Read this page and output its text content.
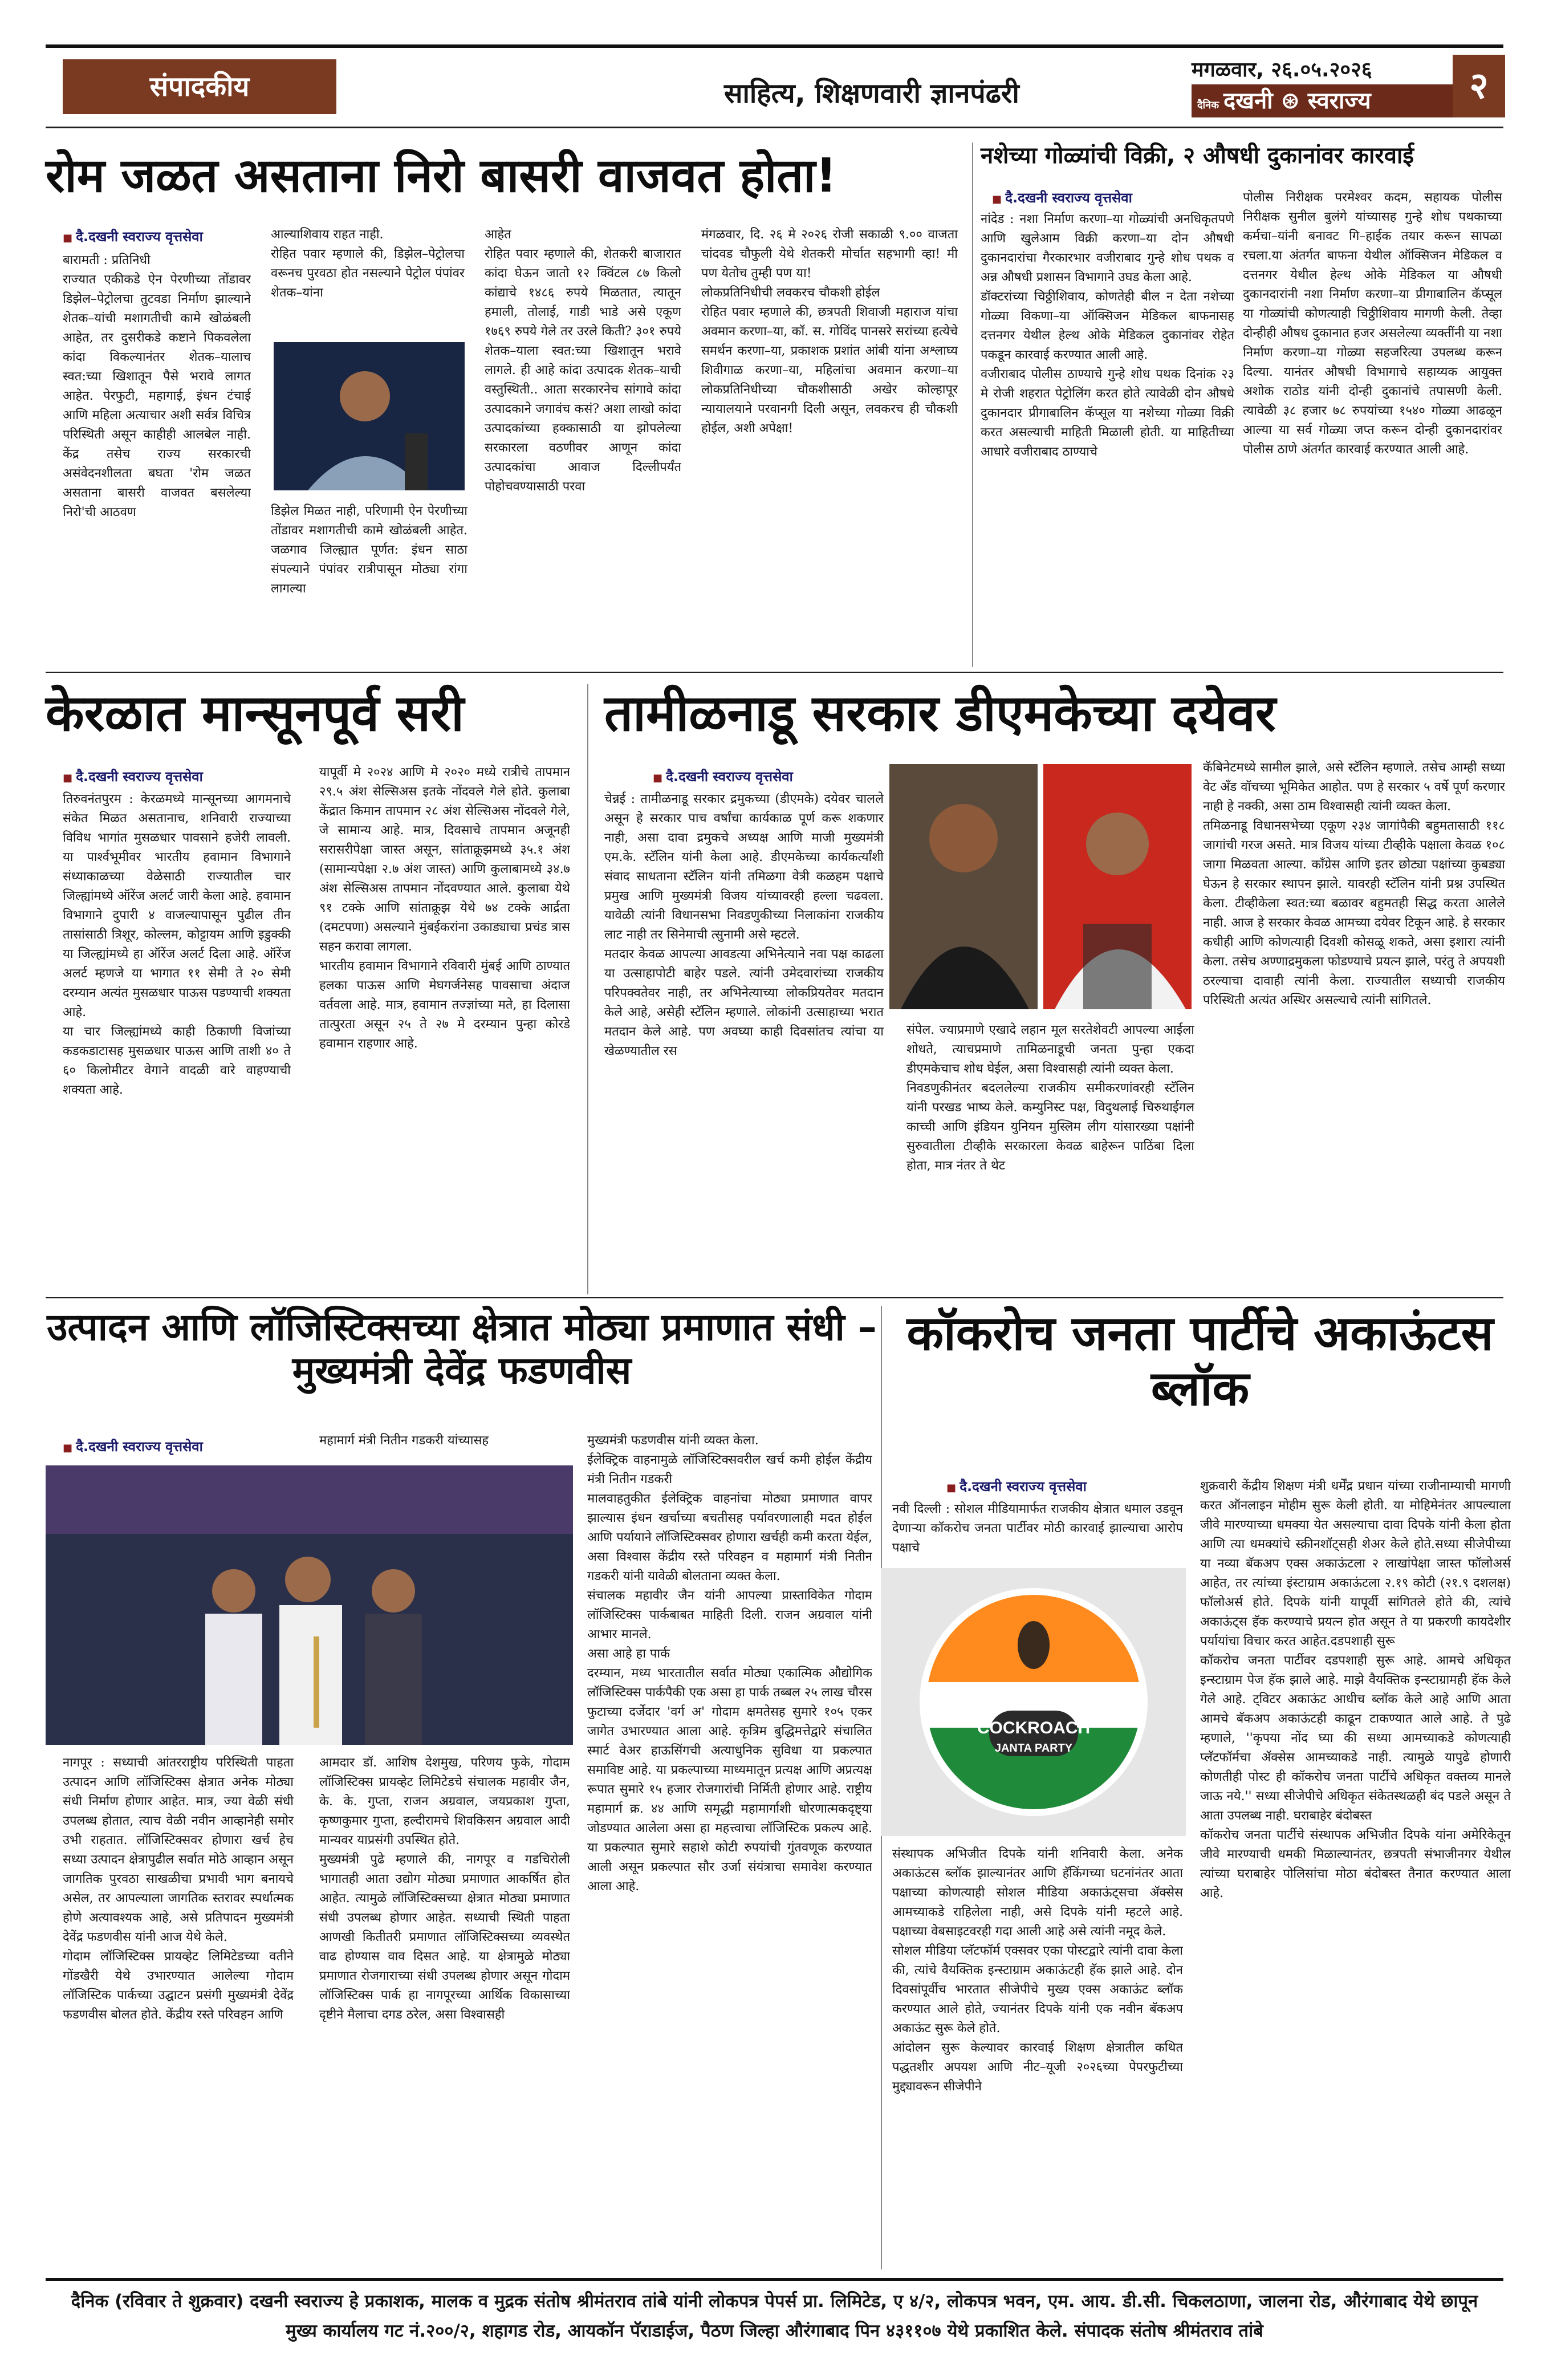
संपादकीय	साहित्य, शिक्षणवारी ज्ञानपंढरी
मगळवार, २६.०५.२०२६
दैनिक दखनी ⊛ स्वराज्य	२
रोम जळत असताना निरो बासरी वाजवत होता!
■ दै.दखनी स्वराज्य वृत्तसेवा
बारामती : प्रतिनिधी
राज्यात एकीकडे ऐन पेरणीच्या तोंडावर डिझेल–पेट्रोलचा तुटवडा निर्माण झाल्याने शेतक–यांची मशागतीची कामे खोळंबली आहेत, तर दुसरीकडे कष्टाने पिकवलेला कांदा विकल्यानंतर शेतक–यालाच स्वत:च्या खिशातून पैसे भरावे लागत आहेत. पेरफुटी, महागाई, इंधन टंचाई आणि महिला अत्याचार अशी सर्वत्र विचित्र परिस्थिती असून काहीही आलबेल नाही. केंद्र तसेच राज्य सरकारची असंवेदनशीलता बघता 'रोम जळत असताना बासरी वाजवत बसलेल्या निरो'ची आठवण
आल्याशिवाय राहत नाही.
रोहित पवार म्हणाले की, डिझेल–पेट्रोलचा वरूनच पुरवठा होत नसल्याने पेट्रोल पंपांवर शेतक–यांना
डिझेल मिळत नाही, परिणामी ऐन पेरणीच्या तोंडावर मशागतीची कामे खोळंबली आहेत. जळगाव जिल्ह्यात पूर्णत: इंधन साठा संपल्याने पंपांवर रात्रीपासून मोठ्या रांगा लागल्या
आहेत
रोहित पवार म्हणाले की, शेतकरी बाजारात कांदा घेऊन जातो १२ क्विंटल ८७ किलो कांद्याचे १४८६ रुपये मिळतात, त्यातून हमाली, तोलाई, गाडी भाडे असे एकूण १७६९ रुपये गेले तर उरले किती? ३०१ रुपये शेतक–याला स्वत:च्या खिशातून भरावे लागले. ही आहे कांदा उत्पादक शेतक–याची वस्तुस्थिती.. आता सरकारनेच सांगावे कांदा उत्पादकाने जगावंच कसं? अशा लाखो कांदा उत्पादकांच्या हक्कासाठी या झोपलेल्या सरकारला वठणीवर आणून कांदा उत्पादकांचा आवाज दिल्लीपर्यंत पोहोचवण्यासाठी परवा
मंगळवार, दि. २६ मे २०२६ रोजी सकाळी ९.०० वाजता चांदवड चौफुली येथे शेतकरी मोर्चात सहभागी व्हा! मी पण येतोच तुम्ही पण या!
लोकप्रतिनिधीची लवकरच चौकशी होईल
रोहित पवार म्हणाले की, छत्रपती शिवाजी महाराज यांचा अवमान करणा–या, कॉ. स. गोविंद पानसरे सरांच्या हत्येचे समर्थन करणा–या, प्रकाशक प्रशांत आंबी यांना अश्लाघ्य शिवीगाळ करणा–या, महिलांचा अवमान करणा–या लोकप्रतिनिधीच्या चौकशीसाठी अखेर कोल्हापूर न्यायालयाने परवानगी दिली असून, लवकरच ही चौकशी होईल, अशी अपेक्षा!
नशेच्या गोळ्यांची विक्री, २ औषधी दुकानांवर कारवाई
■ दै.दखनी स्वराज्य वृत्तसेवा
नांदेड : नशा निर्माण करणा–या गोळ्यांची अनधिकृतपणे आणि खुलेआम विक्री करणा–या दोन औषधी दुकानदारांचा गैरकारभार वजीराबाद गुन्हे शोध पथक व अन्न औषधी प्रशासन विभागाने उघड केला आहे.
डॉक्टरांच्या चिठ्ठीशिवाय, कोणतेही बील न देता नशेच्या गोळ्या विकणा–या ऑक्सिजन मेडिकल बाफनासह दत्तनगर येथील हेल्थ ओके मेडिकल दुकानांवर रोहेत पकडून कारवाई करण्यात आली आहे.
वजीराबाद पोलीस ठाण्याचे गुन्हे शोध पथक दिनांक २३ मे रोजी शहरात पेट्रोलिंग करत होते त्यावेळी दोन औषधे दुकानदार प्रीगाबालिन कॅप्सूल या नशेच्या गोळ्या विक्री करत असल्याची माहिती मिळाली होती. या माहितीच्या आधारे वजीराबाद ठाण्याचे
पोलीस निरीक्षक परमेश्वर कदम, सहायक पोलीस निरीक्षक सुनील बुलंगे यांच्यासह गुन्हे शोध पथकाच्या कर्मचा–यांनी बनावट गि–हाईक तयार करून सापळा रचला.या अंतर्गत बाफना येथील ऑक्सिजन मेडिकल व दत्तनगर येथील हेल्थ ओके मेडिकल या औषधी दुकानदारांनी नशा निर्माण करणा–या प्रीगाबालिन कॅप्सूल या गोळ्यांची कोणत्याही चिठ्ठीशिवाय मागणी केली. तेव्हा दोन्हीही औषध दुकानात हजर असलेल्या व्यक्तींनी या नशा निर्माण करणा–या गोळ्या सहजरित्या उपलब्ध करून दिल्या. यानंतर औषधी विभागाचे सहाय्यक आयुक्त अशोक राठोड यांनी दोन्ही दुकानांचे तपासणी केली. त्यावेळी ३८ हजार ७८ रुपयांच्या १५४० गोळ्या आढळून आल्या या सर्व गोळ्या जप्त करून दोन्ही दुकानदारांवर पोलीस ठाणे अंतर्गत कारवाई करण्यात आली आहे.
केरळात मान्सूनपूर्व सरी
■ दै.दखनी स्वराज्य वृत्तसेवा
तिरुवनंतपुरम : केरळमध्ये मान्सूनच्या आगमनाचे संकेत मिळत असतानाच, शनिवारी राज्याच्या विविध भागांत मुसळधार पावसाने हजेरी लावली. या पार्श्वभूमीवर भारतीय हवामान विभागाने संध्याकाळच्या वेळेसाठी राज्यातील चार जिल्ह्यांमध्ये ऑरेंज अलर्ट जारी केला आहे. हवामान विभागाने दुपारी ४ वाजल्यापासून पुढील तीन तासांसाठी त्रिशूर, कोल्लम, कोट्टायम आणि इडुक्की या जिल्ह्यांमध्ये हा ऑरेंज अलर्ट दिला आहे. ऑरेंज अलर्ट म्हणजे या भागात ११ सेमी ते २० सेमी दरम्यान अत्यंत मुसळधार पाऊस पडण्याची शक्यता आहे.
या चार जिल्ह्यांमध्ये काही ठिकाणी विजांच्या कडकडाटासह मुसळधार पाऊस आणि ताशी ४० ते ६० किलोमीटर वेगाने वादळी वारे वाहण्याची शक्यता आहे.
यापूर्वी मे २०२४ आणि मे २०२० मध्ये रात्रीचे तापमान २९.५ अंश सेल्सिअस इतके नोंदवले गेले होते. कुलाबा केंद्रात किमान तापमान २८ अंश सेल्सिअस नोंदवले गेले, जे सामान्य आहे. मात्र, दिवसाचे तापमान अजूनही सरासरीपेक्षा जास्त असून, सांताक्रूझमध्ये ३५.१ अंश (सामान्यपेक्षा २.७ अंश जास्त) आणि कुलाबामध्ये ३४.७ अंश सेल्सिअस तापमान नोंदवण्यात आले. कुलाबा येथे ९१ टक्के आणि सांताक्रूझ येथे ७४ टक्के आर्द्रता (दमटपणा) असल्याने मुंबईकरांना उकाड्याचा प्रचंड त्रास सहन करावा लागला.
भारतीय हवामान विभागाने रविवारी मुंबई आणि ठाण्यात हलका पाऊस आणि मेघगर्जनेसह पावसाचा अंदाज वर्तवला आहे. मात्र, हवामान तज्ज्ञांच्या मते, हा दिलासा तात्पुरता असून २५ ते २७ मे दरम्यान पुन्हा कोरडे हवामान राहणार आहे.
तामीळनाडू सरकार डीएमकेच्या दयेवर
■ दै.दखनी स्वराज्य वृत्तसेवा
चेन्नई : तामीळनाडू सरकार द्रमुकच्या (डीएमके) दयेवर चालले असून हे सरकार पाच वर्षांचा कार्यकाळ पूर्ण करू शकणार नाही, असा दावा द्रमुकचे अध्यक्ष आणि माजी मुख्यमंत्री एम.के. स्टॅलिन यांनी केला आहे. डीएमकेच्या कार्यकर्त्यांशी संवाद साधताना स्टॅलिन यांनी तमिळगा वेत्री कळहम पक्षाचे प्रमुख आणि मुख्यमंत्री विजय यांच्यावरही हल्ला चढवला. यावेळी त्यांनी विधानसभा निवडणुकीच्या निलाकांना राजकीय लाट नाही तर सिनेमाची त्सुनामी असे म्हटले.
मतदार केवळ आपल्या आवडत्या अभिनेत्याने नवा पक्ष काढला या उत्साहापोटी बाहेर पडले. त्यांनी उमेदवारांच्या राजकीय परिपक्वतेवर नाही, तर अभिनेत्याच्या लोकप्रियतेवर मतदान केले आहे, असेही स्टॅलिन म्हणाले. लोकांनी उत्साहाच्या भरात मतदान केले आहे. पण अवघ्या काही दिवसांतच त्यांचा या खेळण्यातील रस
संपेल. ज्याप्रमाणे एखादे लहान मूल सरतेशेवटी आपल्या आईला शोधते, त्याचप्रमाणे तामिळनाडूची जनता पुन्हा एकदा डीएमकेचाच शोध घेईल, असा विश्वासही त्यांनी व्यक्त केला.
निवडणुकीनंतर बदललेल्या राजकीय समीकरणांवरही स्टॅलिन यांनी परखड भाष्य केले. कम्युनिस्ट पक्ष, विदुथलाई चिरुथाईगल काच्ची आणि इंडियन युनियन मुस्लिम लीग यांसारख्या पक्षांनी सुरुवातीला टीव्हीके सरकारला केवळ बाहेरून पाठिंबा दिला होता, मात्र नंतर ते थेट
कॅबिनेटमध्ये सामील झाले, असे स्टॅलिन म्हणाले. तसेच आम्ही सध्या वेट अँड वॉचच्या भूमिकेत आहोत. पण हे सरकार ५ वर्षे पूर्ण करणार नाही हे नक्की, असा ठाम विश्वासही त्यांनी व्यक्त केला.
तमिळनाडू विधानसभेच्या एकूण २३४ जागांपैकी बहुमतासाठी ११८ जागांची गरज असते. मात्र विजय यांच्या टीव्हीके पक्षाला केवळ १०८ जागा मिळवता आल्या. काँग्रेस आणि इतर छोट्या पक्षांच्या कुबड्या घेऊन हे सरकार स्थापन झाले. यावरही स्टॅलिन यांनी प्रश्न उपस्थित केला. टीव्हीकेला स्वत:च्या बळावर बहुमतही सिद्ध करता आलेले नाही. आज हे सरकार केवळ आमच्या दयेवर टिकून आहे. हे सरकार कधीही आणि कोणत्याही दिवशी कोसळू शकते, असा इशारा त्यांनी केला. तसेच अण्णाद्रमुकला फोडण्याचे प्रयत्न झाले, परंतु ते अपयशी ठरल्याचा दावाही त्यांनी केला. राज्यातील सध्याची राजकीय परिस्थिती अत्यंत अस्थिर असल्याचे त्यांनी सांगितले.
उत्पादन आणि लॉजिस्टिक्सच्या क्षेत्रात मोठ्या प्रमाणात संधी – मुख्यमंत्री देवेंद्र फडणवीस
■ दै.दखनी स्वराज्य वृत्तसेवा	महामार्ग मंत्री नितीन गडकरी यांच्यासह
नागपूर : सध्याची आंतरराष्ट्रीय परिस्थिती पाहता उत्पादन आणि लॉजिस्टिक्स क्षेत्रात अनेक मोठ्या संधी निर्माण होणार आहेत. मात्र, ज्या वेळी संधी उपलब्ध होतात, त्याच वेळी नवीन आव्हानेही समोर उभी राहतात. लॉजिस्टिक्सवर होणारा खर्च हेच सध्या उत्पादन क्षेत्रापुढील सर्वात मोठे आव्हान असून जागतिक पुरवठा साखळीचा प्रभावी भाग बनायचे असेल, तर आपल्याला जागतिक स्तरावर स्पर्धात्मक होणे अत्यावश्यक आहे, असे प्रतिपादन मुख्यमंत्री देवेंद्र फडणवीस यांनी आज येथे केले.
गोदाम लॉजिस्टिक्स प्रायव्हेट लिमिटेडच्या वतीने गोंडखैरी येथे उभारण्यात आलेल्या गोदाम लॉजिस्टिक पार्कच्या उद्घाटन प्रसंगी मुख्यमंत्री देवेंद्र फडणवीस बोलत होते. केंद्रीय रस्ते परिवहन आणि
आमदार डॉ. आशिष देशमुख, परिणय फुके, गोदाम लॉजिस्टिक्स प्रायव्हेट लिमिटेडचे संचालक महावीर जैन, के. के. गुप्ता, राजन अग्रवाल, जयप्रकाश गुप्ता, कृष्णकुमार गुप्ता, हल्दीरामचे शिवकिसन अग्रवाल आदी मान्यवर याप्रसंगी उपस्थित होते.
मुख्यमंत्री पुढे म्हणाले की, नागपूर व गडचिरोली भागातही आता उद्योग मोठ्या प्रमाणात आकर्षित होत आहेत. त्यामुळे लॉजिस्टिक्सच्या क्षेत्रात मोठ्या प्रमाणात संधी उपलब्ध होणार आहेत. सध्याची स्थिती पाहता आणखी कितीतरी प्रमाणात लॉजिस्टिक्सच्या व्यवस्थेत वाढ होण्यास वाव दिसत आहे. या क्षेत्रामुळे मोठ्या प्रमाणात रोजगाराच्या संधी उपलब्ध होणार असून गोदाम लॉजिस्टिक्स पार्क हा नागपूरच्या आर्थिक विकासाच्या दृष्टीने मैलाचा दगड ठरेल, असा विश्वासही
मुख्यमंत्री फडणवीस यांनी व्यक्त केला.
ईलेक्ट्रिक वाहनामुळे लॉजिस्टिक्सवरील खर्च कमी होईल केंद्रीय मंत्री नितीन गडकरी
मालवाहतुकीत ईलेक्ट्रिक वाहनांचा मोठ्या प्रमाणात वापर झाल्यास इंधन खर्चाच्या बचतीसह पर्यावरणालाही मदत होईल आणि पर्यायाने लॉजिस्टिक्सवर होणारा खर्चही कमी करता येईल, असा विश्वास केंद्रीय रस्ते परिवहन व महामार्ग मंत्री नितीन गडकरी यांनी यावेळी बोलताना व्यक्त केला.
संचालक महावीर जैन यांनी आपल्या प्रास्ताविकेत गोदाम लॉजिस्टिक्स पार्कबाबत माहिती दिली. राजन अग्रवाल यांनी आभार मानले.
असा आहे हा पार्क
दरम्यान, मध्य भारतातील सर्वात मोठ्या एकात्मिक औद्योगिक लॉजिस्टिक्स पार्कपैकी एक असा हा पार्क तब्बल २५ लाख चौरस फुटाच्या दर्जेदार 'वर्ग अ' गोदाम क्षमतेसह सुमारे १०५ एकर जागेत उभारण्यात आला आहे. कृत्रिम बुद्धिमत्तेद्वारे संचालित स्मार्ट वेअर हाऊसिंगची अत्याधुनिक सुविधा या प्रकल्पात समाविष्ट आहे. या प्रकल्पाच्या माध्यमातून प्रत्यक्ष आणि अप्रत्यक्ष रूपात सुमारे १५ हजार रोजगारांची निर्मिती होणार आहे. राष्ट्रीय महामार्ग क्र. ४४ आणि समृद्धी महामार्गाशी धोरणात्मकदृष्ट्या जोडण्यात आलेला असा हा महत्त्वाचा लॉजिस्टिक प्रकल्प आहे. या प्रकल्पात सुमारे सहाशे कोटी रुपयांची गुंतवणूक करण्यात आली असून प्रकल्पात सौर उर्जा संयंत्राचा समावेश करण्यात आला आहे.
कॉकरोच जनता पार्टीचे अकाऊंटस ब्लॉक
■ दै.दखनी स्वराज्य वृत्तसेवा
नवी दिल्ली : सोशल मीडियामार्फत राजकीय क्षेत्रात धमाल उडवून देणाऱ्या कॉकरोच जनता पार्टीवर मोठी कारवाई झाल्याचा आरोप पक्षाचे
COCKROACH
JANTA PARTY
संस्थापक अभिजीत दिपके यांनी शनिवारी केला. अनेक अकाऊंटस ब्लॉक झाल्यानंतर आणि हॅकिंगच्या घटनांनंतर आता पक्षाच्या कोणत्याही सोशल मीडिया अकाऊंट्सचा ॲक्सेस आमच्याकडे राहिलेला नाही, असे दिपके यांनी म्हटले आहे. पक्षाच्या वेबसाइटवरही गदा आली आहे असे त्यांनी नमूद केले.
सोशल मीडिया प्लॅटफॉर्म एक्सवर एका पोस्टद्वारे त्यांनी दावा केला की, त्यांचे वैयक्तिक इन्स्टाग्राम अकाऊंटही हॅक झाले आहे. दोन दिवसांपूर्वीच भारतात सीजेपीचे मुख्य एक्स अकाऊंट ब्लॉक करण्यात आले होते, ज्यानंतर दिपके यांनी एक नवीन बॅकअप अकाऊंट सुरू केले होते.
आंदोलन सुरू केल्यावर कारवाई शिक्षण क्षेत्रातील कथित पद्धतशीर अपयश आणि नीट–यूजी २०२६च्या पेपरफुटीच्या मुद्द्यावरून सीजेपीने
शुक्रवारी केंद्रीय शिक्षण मंत्री धर्मेंद्र प्रधान यांच्या राजीनाम्याची मागणी करत ऑनलाइन मोहीम सुरू केली होती. या मोहिमेनंतर आपल्याला जीवे मारण्याच्या धमक्या येत असल्याचा दावा दिपके यांनी केला होता आणि त्या धमक्यांचे स्क्रीनशॉट्सही शेअर केले होते.सध्या सीजेपीच्या या नव्या बॅकअप एक्स अकाऊंटला २ लाखांपेक्षा जास्त फॉलोअर्स आहेत, तर त्यांच्या इंस्टाग्राम अकाऊंटला २.१९ कोटी (२१.९ दशलक्ष) फॉलोअर्स होते. दिपके यांनी यापूर्वी सांगितले होते की, त्यांचे अकाऊंट्स हॅक करण्याचे प्रयत्न होत असून ते या प्रकरणी कायदेशीर पर्यायांचा विचार करत आहेत.दडपशाही सुरू
कॉकरोच जनता पार्टीवर दडपशाही सुरू आहे. आमचे अधिकृत इन्स्टाग्राम पेज हॅक झाले आहे. माझे वैयक्तिक इन्स्टाग्रामही हॅक केले गेले आहे. ट्विटर अकाऊंट आधीच ब्लॉक केले आहे आणि आता आमचे बॅकअप अकाऊंटही काढून टाकण्यात आले आहे. ते पुढे म्हणाले, ''कृपया नोंद घ्या की सध्या आमच्याकडे कोणत्याही प्लॅटफॉर्मचा ॲक्सेस आमच्याकडे नाही. त्यामुळे यापुढे होणारी कोणतीही पोस्ट ही कॉकरोच जनता पार्टीचे अधिकृत वक्तव्य मानले जाऊ नये.'' सध्या सीजेपीचे अधिकृत संकेतस्थळही बंद पडले असून ते आता उपलब्ध नाही. घराबाहेर बंदोबस्त
कॉकरोच जनता पार्टीचे संस्थापक अभिजीत दिपके यांना अमेरिकेतून जीवे मारण्याची धमकी मिळाल्यानंतर, छत्रपती संभाजीनगर येथील त्यांच्या घराबाहेर पोलिसांचा मोठा बंदोबस्त तैनात करण्यात आला आहे.
दैनिक (रविवार ते शुक्रवार) दखनी स्वराज्य हे प्रकाशक, मालक व मुद्रक संतोष श्रीमंतराव तांबे यांनी लोकपत्र पेपर्स प्रा. लिमिटेड, ए ४/२, लोकपत्र भवन, एम. आय. डी.सी. चिकलठाणा, जालना रोड, औरंगाबाद येथे छापून
मुख्य कार्यालय गट नं.२००/२, शहागड रोड, आयकॉन पॅराडाईज, पैठण जिल्हा औरंगाबाद पिन ४३११०७ येथे प्रकाशित केले. संपादक संतोष श्रीमंतराव तांबे
